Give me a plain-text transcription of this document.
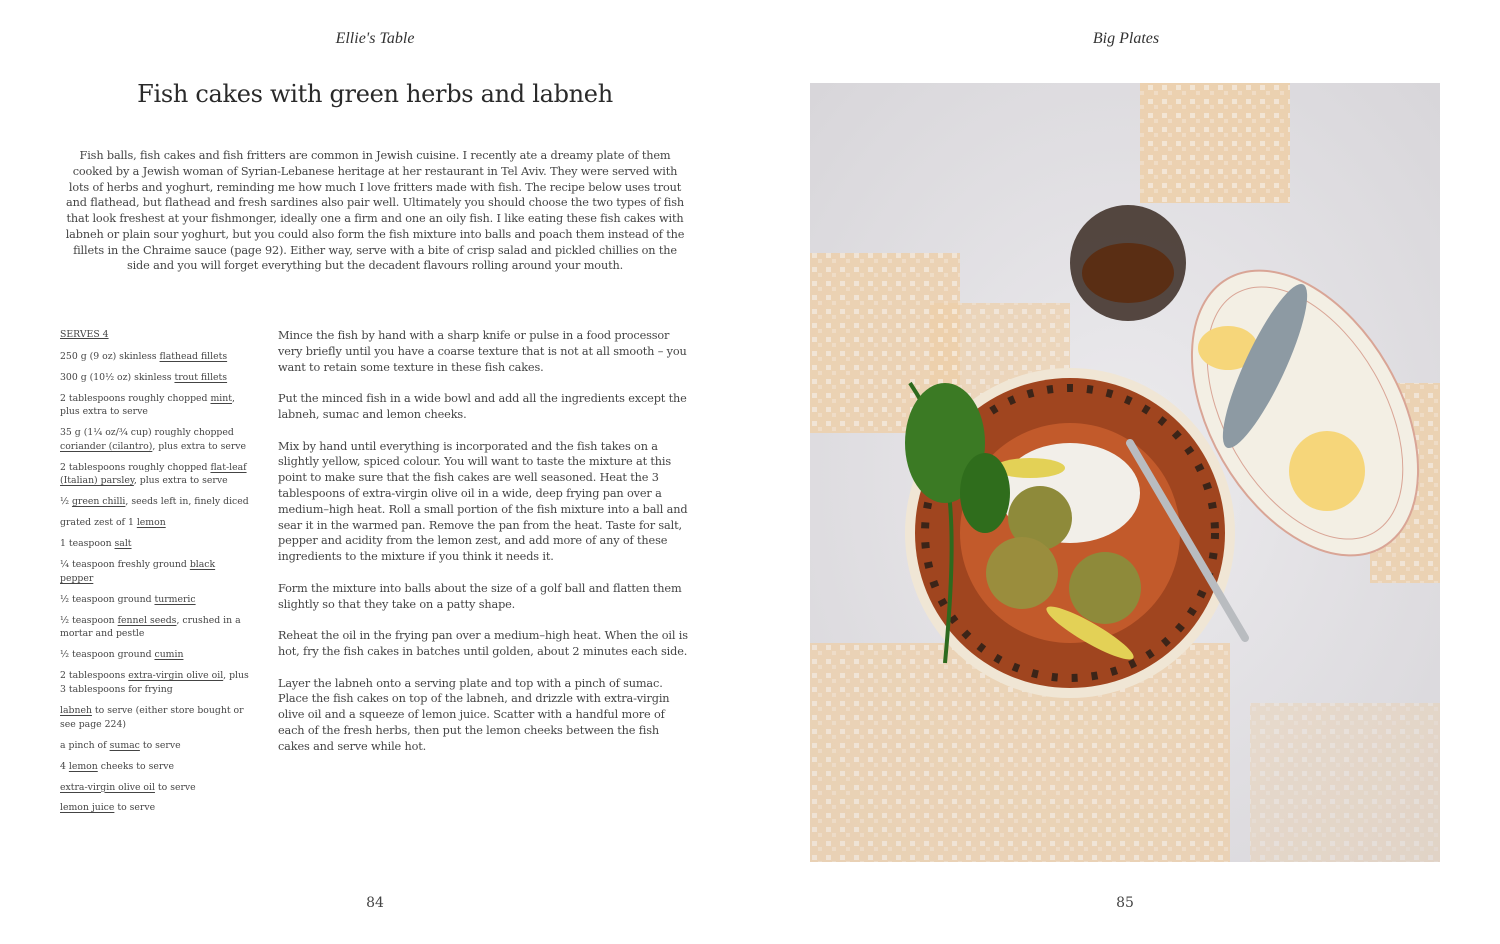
Ellie's Table	Big Plates
Fish cakes with green herbs and labneh
Fish balls, fish cakes and fish fritters are common in Jewish cuisine. I recently ate a dreamy plate of them cooked by a Jewish woman of Syrian-Lebanese heritage at her restaurant in Tel Aviv. They were served with lots of herbs and yoghurt, reminding me how much I love fritters made with fish. The recipe below uses trout and flathead, but flathead and fresh sardines also pair well. Ultimately you should choose the two types of fish that look freshest at your fishmonger, ideally one a firm and one an oily fish. I like eating these fish cakes with labneh or plain sour yoghurt, but you could also form the fish mixture into balls and poach them instead of the fillets in the Chraime sauce (page 92). Either way, serve with a bite of crisp salad and pickled chillies on the side and you will forget everything but the decadent flavours rolling around your mouth.
SERVES 4
250 g (9 oz) skinless flathead fillets
300 g (10½ oz) skinless trout fillets
2 tablespoons roughly chopped mint, plus extra to serve
35 g (1¼ oz/¾ cup) roughly chopped coriander (cilantro), plus extra to serve
2 tablespoons roughly chopped flat-leaf (Italian) parsley, plus extra to serve
½ green chilli, seeds left in, finely diced
grated zest of 1 lemon
1 teaspoon salt
¼ teaspoon freshly ground black pepper
½ teaspoon ground turmeric
½ teaspoon fennel seeds, crushed in a mortar and pestle
½ teaspoon ground cumin
2 tablespoons extra-virgin olive oil, plus 3 tablespoons for frying
labneh to serve (either store bought or see page 224)
a pinch of sumac to serve
4 lemon cheeks to serve
extra-virgin olive oil to serve
lemon juice to serve

Mince the fish by hand with a sharp knife or pulse in a food processor very briefly until you have a coarse texture that is not at all smooth – you want to retain some texture in these fish cakes.

Put the minced fish in a wide bowl and add all the ingredients except the labneh, sumac and lemon cheeks.

Mix by hand until everything is incorporated and the fish takes on a slightly yellow, spiced colour. You will want to taste the mixture at this point to make sure that the fish cakes are well seasoned. Heat the 3 tablespoons of extra-virgin olive oil in a wide, deep frying pan over a medium–high heat. Roll a small portion of the fish mixture into a ball and sear it in the warmed pan. Remove the pan from the heat. Taste for salt, pepper and acidity from the lemon zest, and add more of any of these ingredients to the mixture if you think it needs it.

Form the mixture into balls about the size of a golf ball and flatten them slightly so that they take on a patty shape.

Reheat the oil in the frying pan over a medium–high heat. When the oil is hot, fry the fish cakes in batches until golden, about 2 minutes each side.

Layer the labneh onto a serving plate and top with a pinch of sumac. Place the fish cakes on top of the labneh, and drizzle with extra-virgin olive oil and a squeeze of lemon juice. Scatter with a handful more of each of the fresh herbs, then put the lemon cheeks between the fish cakes and serve while hot.

84	85
